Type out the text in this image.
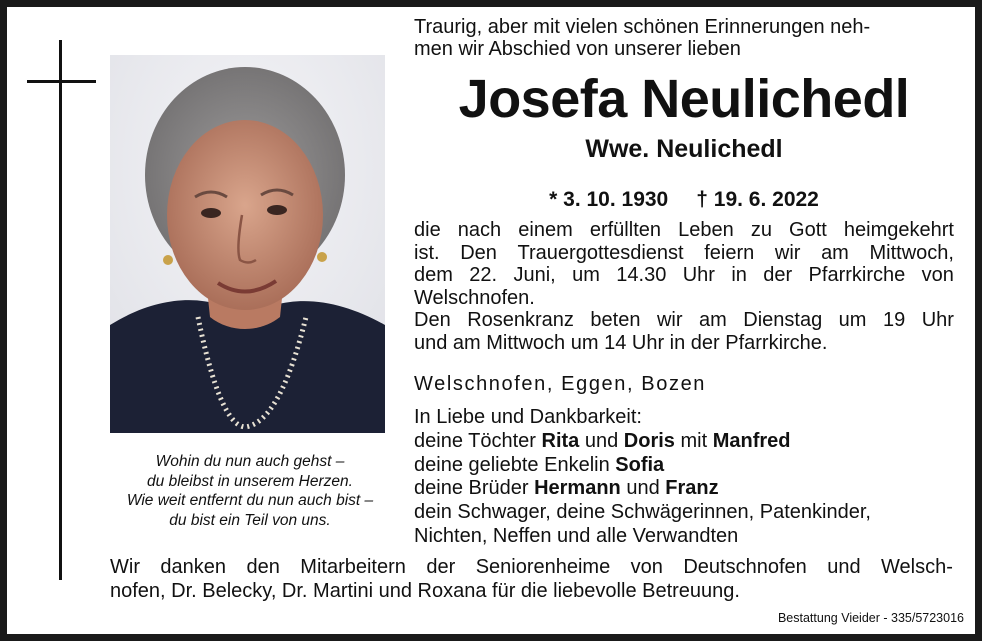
Wohin du nun auch gehst –
du bleibst in unserem Herzen.
Wie weit entfernt du nun auch bist –
du bist ein Teil von uns.
Traurig, aber mit vielen schönen Erinnerungen neh-
men wir Abschied von unserer lieben
Josefa Neulichedl
Wwe. Neulichedl
* 3. 10. 1930 † 19. 6. 2022
die nach einem erfüllten Leben zu Gott heimgekehrt
ist. Den Trauergottesdienst feiern wir am Mittwoch,
dem 22. Juni, um 14.30 Uhr in der Pfarrkirche von
Welschnofen.
Den Rosenkranz beten wir am Dienstag um 19 Uhr
und am Mittwoch um 14 Uhr in der Pfarrkirche.
Welschnofen, Eggen, Bozen
In Liebe und Dankbarkeit:
deine Töchter Rita und Doris mit Manfred
deine geliebte Enkelin Sofia
deine Brüder Hermann und Franz
dein Schwager, deine Schwägerinnen, Patenkinder,
Nichten, Neffen und alle Verwandten
Wir danken den Mitarbeitern der Seniorenheime von Deutschnofen und Welsch-
nofen, Dr. Belecky, Dr. Martini und Roxana für die liebevolle Betreuung.
Bestattung Vieider - 335/5723016
